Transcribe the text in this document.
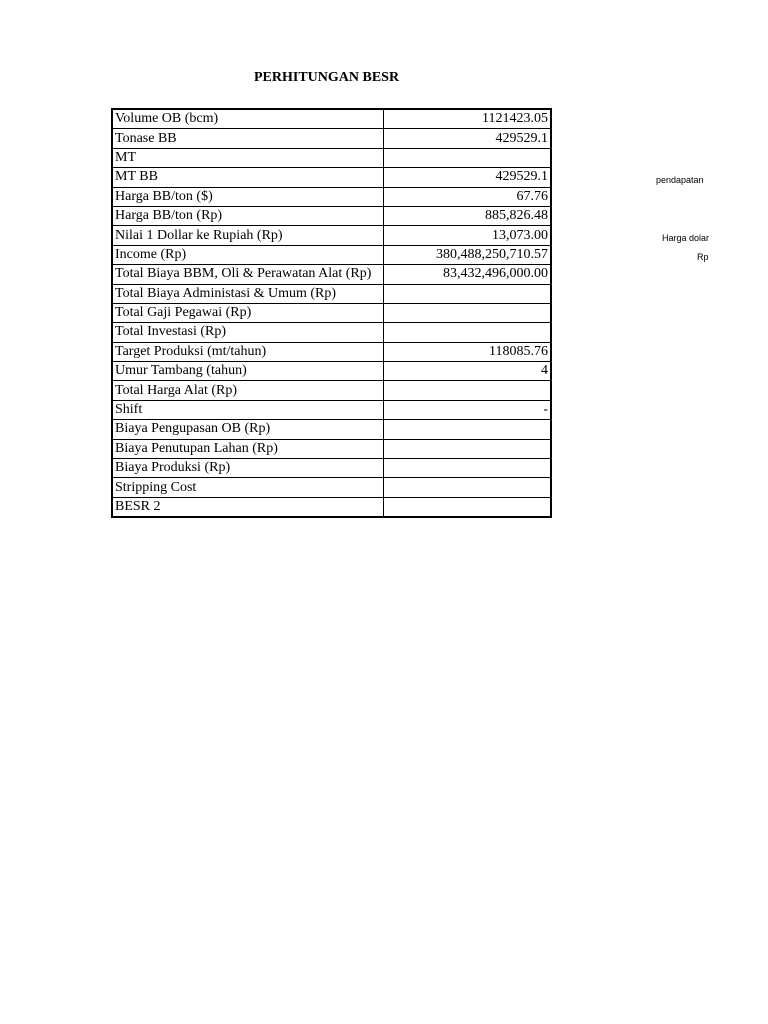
PERHITUNGAN BESR
Volume OB (bcm)	1121423.05
Tonase BB	429529.1
MT	
MT BB	429529.1
Harga BB/ton ($)	67.76
Harga BB/ton (Rp)	885,826.48
Nilai 1 Dollar ke Rupiah (Rp)	13,073.00
Income (Rp)	380,488,250,710.57
Total Biaya BBM, Oli & Perawatan Alat (Rp)	83,432,496,000.00
Total Biaya Administasi & Umum (Rp)	
Total Gaji Pegawai (Rp)	
Total Investasi (Rp)	
Target Produksi (mt/tahun)	118085.76
Umur Tambang (tahun)	4
Total Harga Alat (Rp)	
Shift	-
Biaya Pengupasan OB (Rp)	
Biaya Penutupan Lahan (Rp)	
Biaya Produksi (Rp)	
Stripping Cost	
BESR 2	
pendapatan
Harga dolar
Rp
